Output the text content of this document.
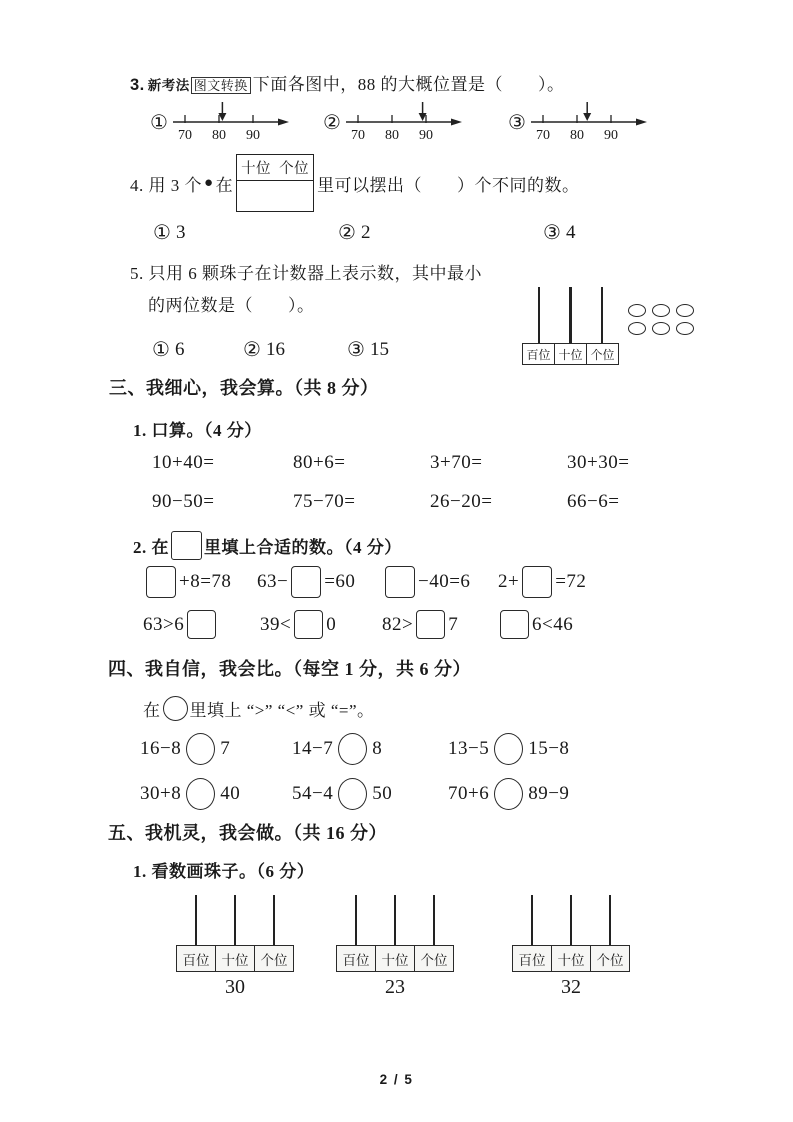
3. 新考法 图文转换 下面各图中，88 的大概位置是（　　）。
①
70 80 90
②
70 80 90
③
70 80 90
4. 用 3 个 ● 在
十位 个位
里可以摆出（　　）个不同的数。
① 3	② 2	③ 4
5. 只用 6 颗珠子在计数器上表示数，其中最小
的两位数是（　　）。
百位 十位 个位
① 6	② 16	③ 15
三、我细心，我会算。（共 8 分）
1. 口算。（4 分）
10+40=	80+6=	3+70=	30+30=
90−50=	75−70=	26−20=	66−6=
2. 在 里填上合适的数。（4 分）
+8=78 63− =60	−40=6 2+ =72
63>6	39< 0 82> 7	6<46
四、我自信，我会比。（每空 1 分，共 6 分）
在 里填上 “>” “<” 或 “=”。
16−8 7	14−7 8	13−5 15−8
30+8 40	54−4 50	70+6 89−9
五、我机灵，我会做。（共 16 分）
1. 看数画珠子。（6 分）
百位 十位 个位
30
百位 十位 个位
23
百位 十位 个位
32
2 / 5
